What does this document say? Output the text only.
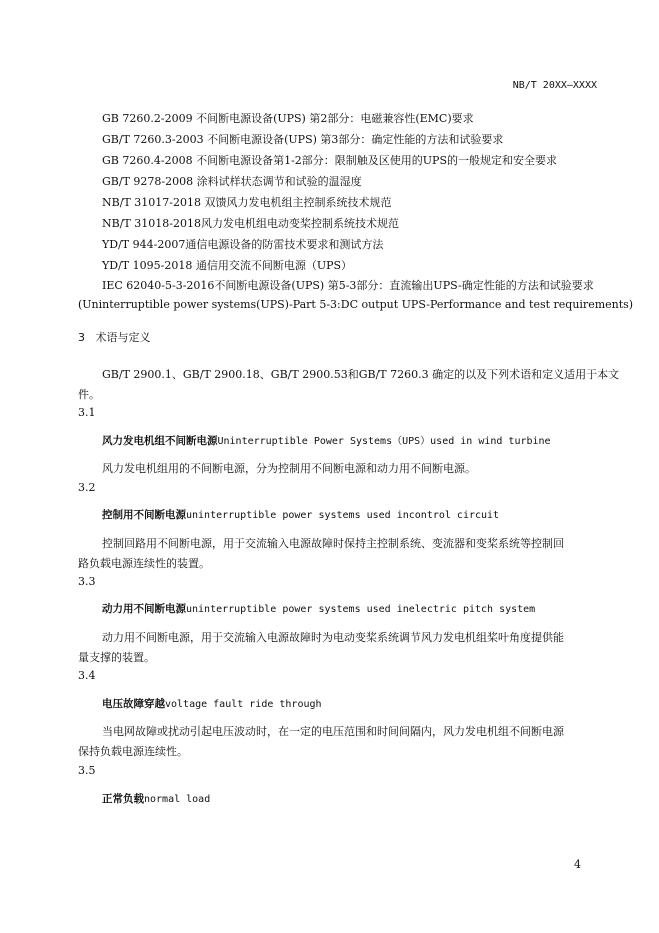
NB/T 20XX—XXXX
GB 7260.2-2009 不间断电源设备(UPS) 第2部分：电磁兼容性(EMC)要求
GB/T 7260.3-2003 不间断电源设备(UPS) 第3部分：确定性能的方法和试验要求
GB 7260.4-2008 不间断电源设备第1-2部分：限制触及区使用的UPS的一般规定和安全要求
GB/T 9278-2008 涂料试样状态调节和试验的温湿度
NB/T 31017-2018 双馈风力发电机组主控制系统技术规范
NB/T 31018-2018风力发电机组电动变桨控制系统技术规范
YD/T 944-2007通信电源设备的防雷技术要求和测试方法
YD/T 1095-2018 通信用交流不间断电源（UPS）
IEC 62040-5-3-2016不间断电源设备(UPS) 第5-3部分：直流输出UPS-确定性能的方法和试验要求
(Uninterruptible power systems(UPS)-Part 5-3:DC output UPS-Performance and test requirements)
3 术语与定义
GB/T 2900.1、GB/T 2900.18、GB/T 2900.53和GB/T 7260.3 确定的以及下列术语和定义适用于本文
件。
3.1
风力发电机组不间断电源Uninterruptible Power Systems（UPS）used in wind turbine
风力发电机组用的不间断电源，分为控制用不间断电源和动力用不间断电源。
3.2
控制用不间断电源uninterruptible power systems used incontrol circuit
控制回路用不间断电源，用于交流输入电源故障时保持主控制系统、变流器和变桨系统等控制回
路负载电源连续性的装置。
3.3
动力用不间断电源uninterruptible power systems used inelectric pitch system
动力用不间断电源，用于交流输入电源故障时为电动变桨系统调节风力发电机组桨叶角度提供能
量支撑的装置。
3.4
电压故障穿越voltage fault ride through
当电网故障或扰动引起电压波动时，在一定的电压范围和时间间隔内，风力发电机组不间断电源
保持负载电源连续性。
3.5
正常负载normal load
4
